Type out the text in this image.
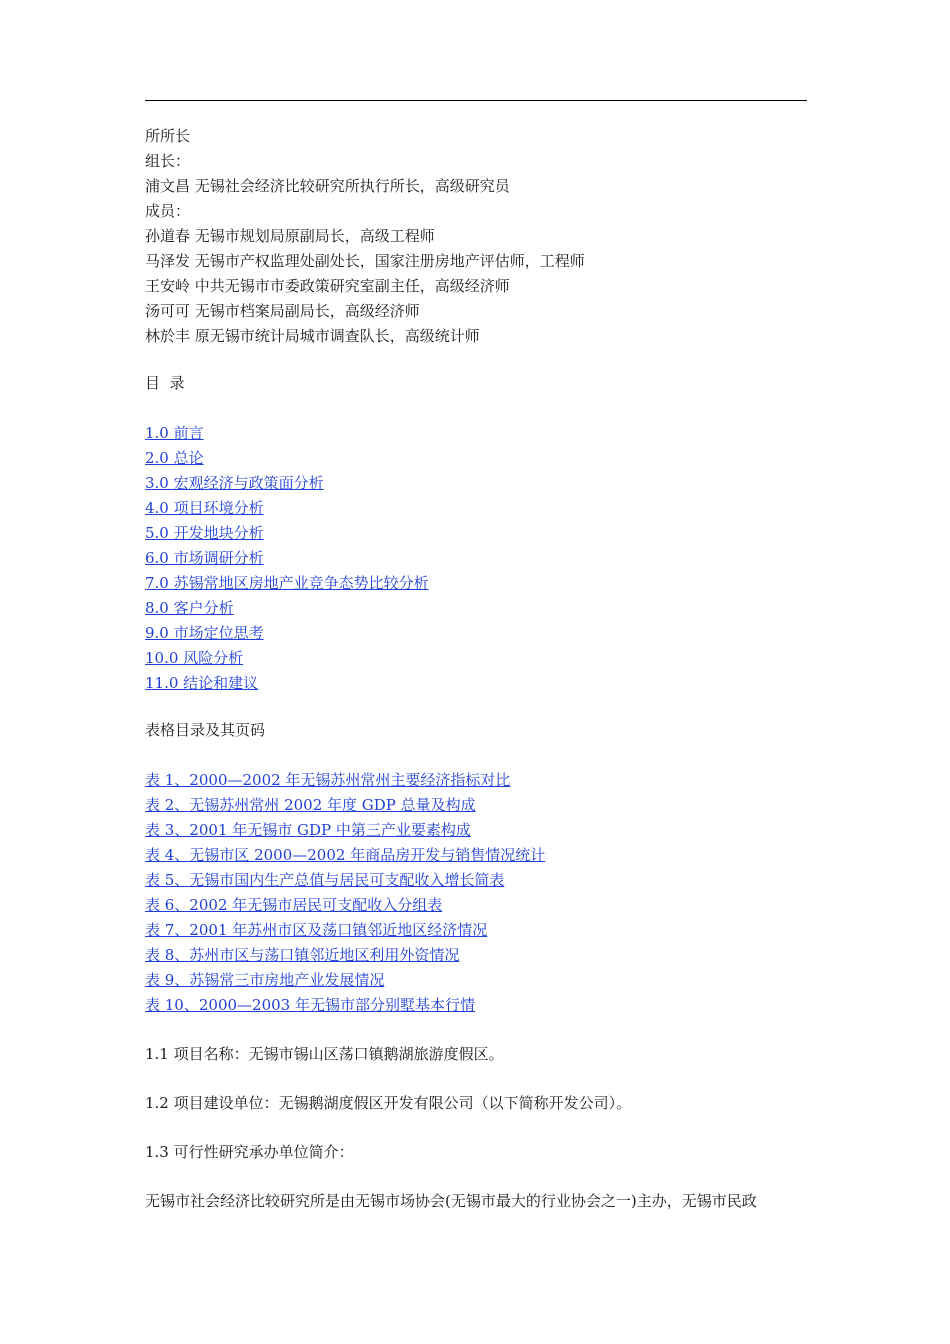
所所长
组长：
浦文昌 无锡社会经济比较研究所执行所长，高级研究员
成员：
孙道春 无锡市规划局原副局长，高级工程师
马泽发 无锡市产权监理处副处长，国家注册房地产评估师，工程师
王安岭 中共无锡市市委政策研究室副主任，高级经济师
汤可可 无锡市档案局副局长，高级经济师
林於丰 原无锡市统计局城市调查队长，高级统计师
目  录
1.0 前言
2.0 总论
3.0 宏观经济与政策面分析
4.0 项目环境分析
5.0 开发地块分析
6.0 市场调研分析
7.0 苏锡常地区房地产业竞争态势比较分析
8.0 客户分析
9.0 市场定位思考
10.0 风险分析
11.0 结论和建议
表格目录及其页码
表 1、2000—2002 年无锡苏州常州主要经济指标对比
表 2、无锡苏州常州 2002 年度 GDP 总量及构成
表 3、2001 年无锡市 GDP 中第三产业要素构成
表 4、无锡市区 2000—2002 年商品房开发与销售情况统计
表 5、无锡市国内生产总值与居民可支配收入增长简表
表 6、2002 年无锡市居民可支配收入分组表
表 7、2001 年苏州市区及荡口镇邻近地区经济情况
表 8、苏州市区与荡口镇邻近地区利用外资情况
表 9、苏锡常三市房地产业发展情况
表 10、2000—2003 年无锡市部分别墅基本行情
1.1 项目名称：无锡市锡山区荡口镇鹅湖旅游度假区。
1.2 项目建设单位：无锡鹅湖度假区开发有限公司（以下简称开发公司）。
1.3 可行性研究承办单位简介：
无锡市社会经济比较研究所是由无锡市场协会(无锡市最大的行业协会之一)主办，无锡市民政
